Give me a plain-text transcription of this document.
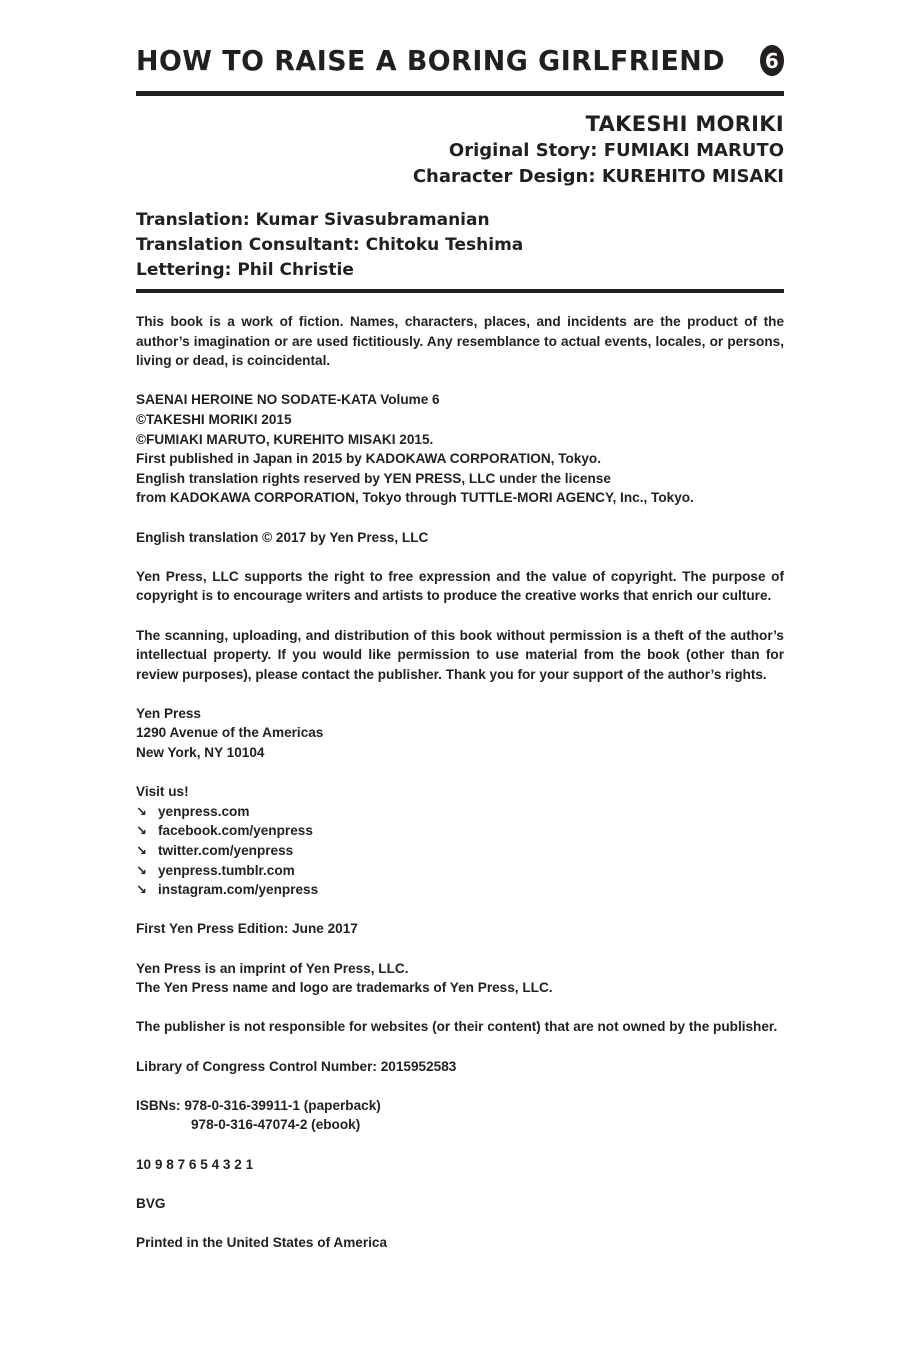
HOW TO RAISE A BORING GIRLFRIEND 6
TAKESHI MORIKI
Original Story: FUMIAKI MARUTO
Character Design: KUREHITO MISAKI
Translation: Kumar Sivasubramanian
Translation Consultant: Chitoku Teshima
Lettering: Phil Christie

This book is a work of fiction. Names, characters, places, and incidents are the product of the author’s imagination or are used fictitiously. Any resemblance to actual events, locales, or persons, living or dead, is coincidental.

SAENAI HEROINE NO SODATE-KATA Volume 6
©TAKESHI MORIKI 2015
©FUMIAKI MARUTO, KUREHITO MISAKI 2015.
First published in Japan in 2015 by KADOKAWA CORPORATION, Tokyo.
English translation rights reserved by YEN PRESS, LLC under the license
from KADOKAWA CORPORATION, Tokyo through TUTTLE-MORI AGENCY, Inc., Tokyo.

English translation © 2017 by Yen Press, LLC

Yen Press, LLC supports the right to free expression and the value of copyright. The purpose of copyright is to encourage writers and artists to produce the creative works that enrich our culture.

The scanning, uploading, and distribution of this book without permission is a theft of the author’s intellectual property. If you would like permission to use material from the book (other than for review purposes), please contact the publisher. Thank you for your support of the author’s rights.

Yen Press
1290 Avenue of the Americas
New York, NY 10104
Visit us!
↘ yenpress.com
↘ facebook.com/yenpress
↘ twitter.com/yenpress
↘ yenpress.tumblr.com
↘ instagram.com/yenpress

First Yen Press Edition: June 2017

Yen Press is an imprint of Yen Press, LLC.
The Yen Press name and logo are trademarks of Yen Press, LLC.

The publisher is not responsible for websites (or their content) that are not owned by the publisher.

Library of Congress Control Number: 2015952583

ISBNs: 978-0-316-39911-1 (paperback)
978-0-316-47074-2 (ebook)

10 9 8 7 6 5 4 3 2 1

BVG

Printed in the United States of America
